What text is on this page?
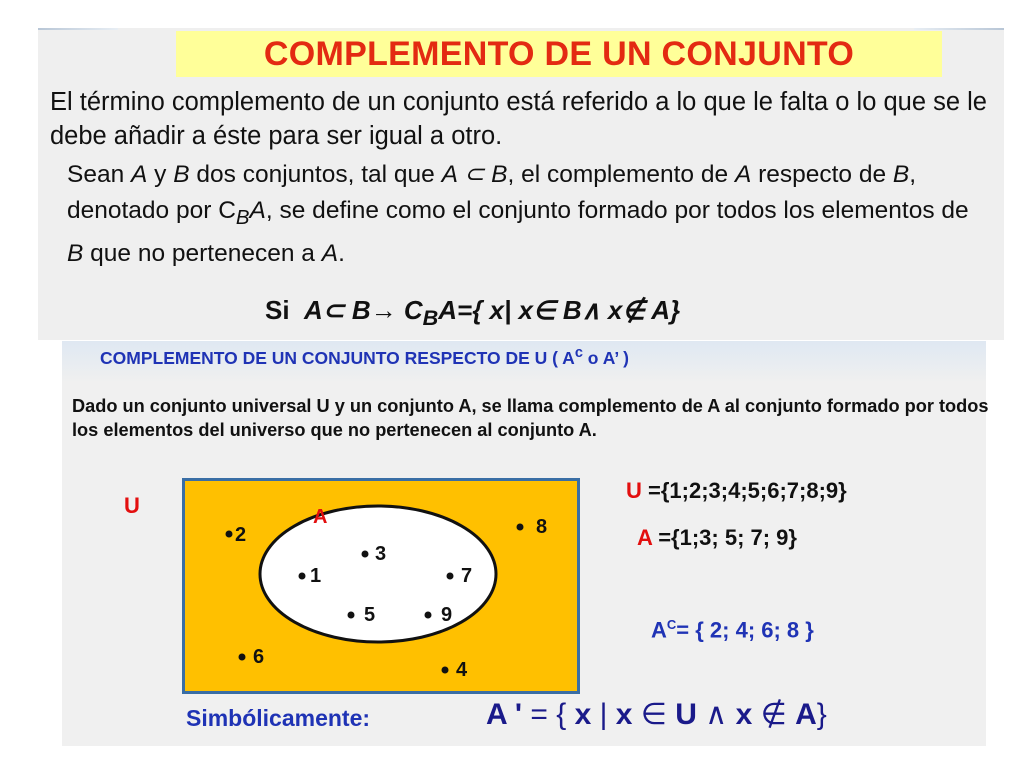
COMPLEMENTO DE UN CONJUNTO
El término complemento de un conjunto está referido a lo que le falta o lo que se le debe añadir a éste para ser igual a otro.
Sean A y B dos conjuntos, tal que A ⊂ B, el complemento de A respecto de B, denotado por $C_BA$, se define como el conjunto formado por todos los elementos de B que no pertenecen a A.
Si A⊂ $B\to C_BA=${ x| x∈ B∧ x∉ A}
COMPLEMENTO DE UN CONJUNTO RESPECTO DE U ( $A^c$ o A’ )
Dado un conjunto universal U y un conjunto A, se llama complemento de A al conjunto formado por todos los elementos del universo que no pertenecen al conjunto A.
U	A
2	8
6
4
3
1	7
5	9
U ={1;2;3;4;5;6;7;8;9}
A ={1;3; 5; 7; 9}
$A^C=$ { 2; 4; 6; 8 }
Simbólicamente:	A ' = { x | x ∈ U ∧ x ∉ A}
